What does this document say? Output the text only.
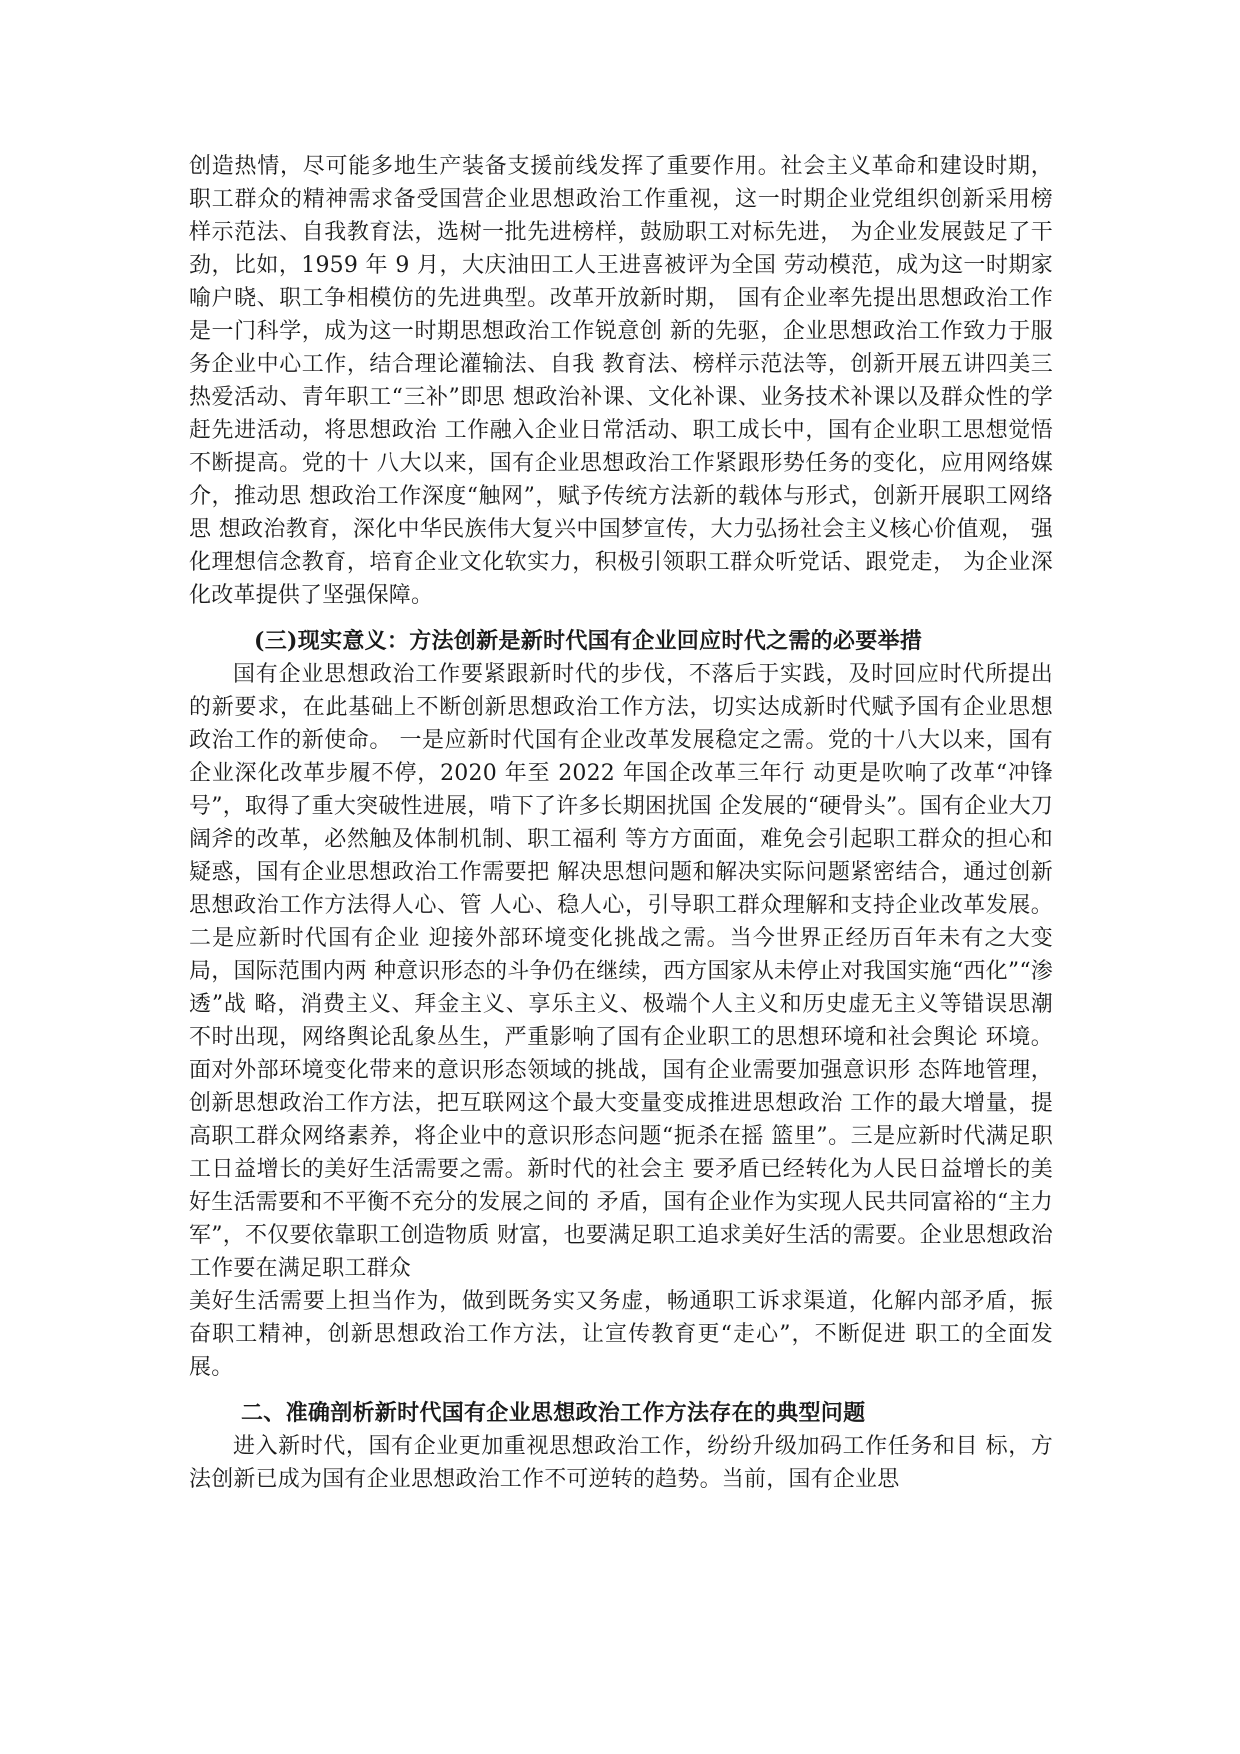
创造热情，尽可能多地生产装备支援前线发挥了重要作用。社会主义革命和建设时期，职工群众的精神需求备受国营企业思想政治工作重视，这一时期企业党组织创新采用榜样示范法、自我教育法，选树一批先进榜样，鼓励职工对标先进， 为企业发展鼓足了干劲，比如，1959 年 9 月，大庆油田工人王进喜被评为全国 劳动模范，成为这一时期家喻户晓、职工争相模仿的先进典型。改革开放新时期， 国有企业率先提出思想政治工作是一门科学，成为这一时期思想政治工作锐意创 新的先驱，企业思想政治工作致力于服务企业中心工作，结合理论灌输法、自我 教育法、榜样示范法等，创新开展五讲四美三热爱活动、青年职工“三补”即思 想政治补课、文化补课、业务技术补课以及群众性的学赶先进活动，将思想政治 工作融入企业日常活动、职工成长中，国有企业职工思想觉悟不断提高。党的十 八大以来，国有企业思想政治工作紧跟形势任务的变化，应用网络媒介，推动思 想政治工作深度“触网”，赋予传统方法新的载体与形式，创新开展职工网络思 想政治教育，深化中华民族伟大复兴中国梦宣传，大力弘扬社会主义核心价值观， 强化理想信念教育，培育企业文化软实力，积极引领职工群众听党话、跟党走， 为企业深化改革提供了坚强保障。

(三)现实意义：方法创新是新时代国有企业回应时代之需的必要举措

国有企业思想政治工作要紧跟新时代的步伐，不落后于实践，及时回应时代所提出的新要求，在此基础上不断创新思想政治工作方法，切实达成新时代赋予国有企业思想政治工作的新使命。 一是应新时代国有企业改革发展稳定之需。党的十八大以来，国有企业深化改革步履不停，2020 年至 2022 年国企改革三年行 动更是吹响了改革“冲锋号”，取得了重大突破性进展，啃下了许多长期困扰国 企发展的“硬骨头”。国有企业大刀阔斧的改革，必然触及体制机制、职工福利 等方方面面，难免会引起职工群众的担心和疑惑，国有企业思想政治工作需要把 解决思想问题和解决实际问题紧密结合，通过创新思想政治工作方法得人心、管 人心、稳人心，引导职工群众理解和支持企业改革发展。二是应新时代国有企业 迎接外部环境变化挑战之需。当今世界正经历百年未有之大变局，国际范围内两 种意识形态的斗争仍在继续，西方国家从未停止对我国实施“西化”“渗透”战 略，消费主义、拜金主义、享乐主义、极端个人主义和历史虚无主义等错误思潮 不时出现，网络舆论乱象丛生，严重影响了国有企业职工的思想环境和社会舆论 环境。面对外部环境变化带来的意识形态领域的挑战，国有企业需要加强意识形 态阵地管理，创新思想政治工作方法，把互联网这个最大变量变成推进思想政治 工作的最大增量，提高职工群众网络素养，将企业中的意识形态问题“扼杀在摇 篮里”。三是应新时代满足职工日益增长的美好生活需要之需。新时代的社会主 要矛盾已经转化为人民日益增长的美好生活需要和不平衡不充分的发展之间的 矛盾，国有企业作为实现人民共同富裕的“主力军”，不仅要依靠职工创造物质 财富，也要满足职工追求美好生活的需要。企业思想政治工作要在满足职工群众

美好生活需要上担当作为，做到既务实又务虚，畅通职工诉求渠道，化解内部矛盾，振奋职工精神，创新思想政治工作方法，让宣传教育更“走心”，不断促进 职工的全面发展。

二、准确剖析新时代国有企业思想政治工作方法存在的典型问题

进入新时代，国有企业更加重视思想政治工作，纷纷升级加码工作任务和目 标，方法创新已成为国有企业思想政治工作不可逆转的趋势。当前，国有企业思
